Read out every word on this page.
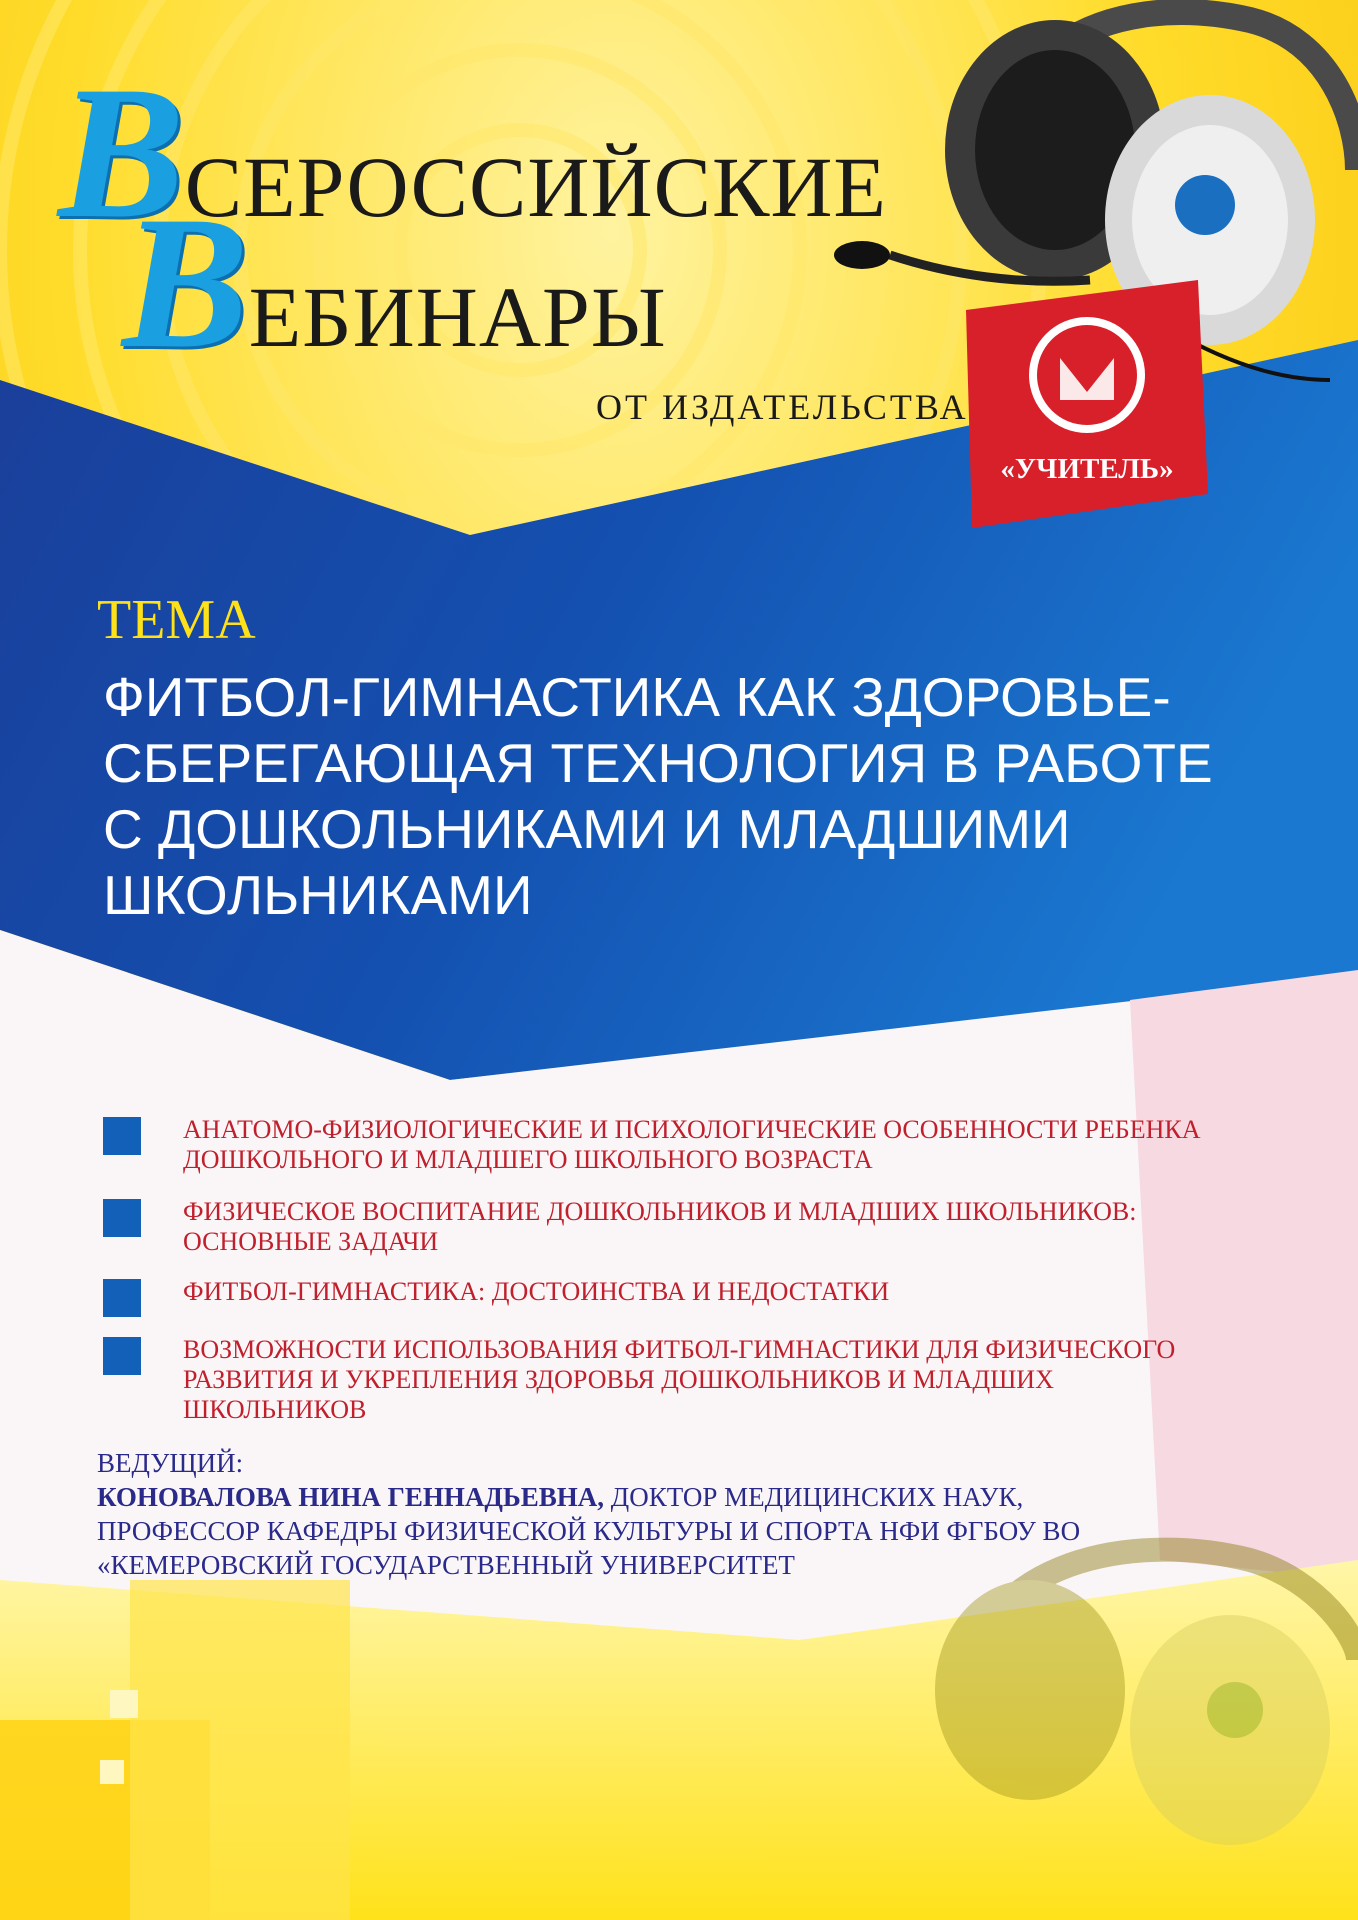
ВСЕРОССИЙСКИЕ
ВЕБИНАРЫ
ОТ ИЗДАТЕЛЬСТВА
«УЧИТЕЛЬ»
ТЕМА
ФИТБОЛ-ГИМНАСТИКА КАК ЗДОРОВЬЕ-
СБЕРЕГАЮЩАЯ ТЕХНОЛОГИЯ В РАБОТЕ
С ДОШКОЛЬНИКАМИ И МЛАДШИМИ
ШКОЛЬНИКАМИ
АНАТОМО-ФИЗИОЛОГИЧЕСКИЕ И ПСИХОЛОГИЧЕСКИЕ ОСОБЕННОСТИ РЕБЕНКА
ДОШКОЛЬНОГО И МЛАДШЕГО ШКОЛЬНОГО ВОЗРАСТА
ФИЗИЧЕСКОЕ ВОСПИТАНИЕ ДОШКОЛЬНИКОВ И МЛАДШИХ ШКОЛЬНИКОВ:
ОСНОВНЫЕ ЗАДАЧИ
ФИТБОЛ-ГИМНАСТИКА: ДОСТОИНСТВА И НЕДОСТАТКИ
ВОЗМОЖНОСТИ ИСПОЛЬЗОВАНИЯ ФИТБОЛ-ГИМНАСТИКИ ДЛЯ ФИЗИЧЕСКОГО
РАЗВИТИЯ И УКРЕПЛЕНИЯ ЗДОРОВЬЯ ДОШКОЛЬНИКОВ И МЛАДШИХ
ШКОЛЬНИКОВ
ВЕДУЩИЙ:
КОНОВАЛОВА НИНА ГЕННАДЬЕВНА, ДОКТОР МЕДИЦИНСКИХ НАУК,
ПРОФЕССОР КАФЕДРЫ ФИЗИЧЕСКОЙ КУЛЬТУРЫ И СПОРТА НФИ ФГБОУ ВО
«КЕМЕРОВСКИЙ ГОСУДАРСТВЕННЫЙ УНИВЕРСИТЕТ
